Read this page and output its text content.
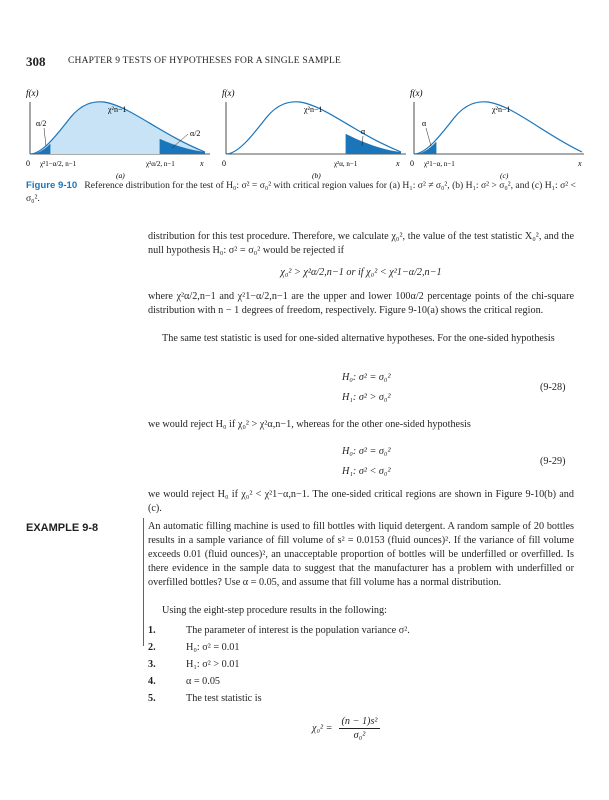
308 CHAPTER 9 TESTS OF HYPOTHESES FOR A SINGLE SAMPLE
f(x)
χ²n−1
α/2
α/2
0 χ²1−α/2, n−1	χ²α/2, n−1	x
(a)
f(x)
χ²n−1
α
0	χ²α, n−1	x
(b)
f(x)
χ²n−1
α
0 χ²1−α, n−1	x
(c)
Figure 9-10 Reference distribution for the test of H₀: σ² = σ₀² with critical region values for (a) H₁: σ² ≠ σ₀², (b) H₁: σ² > σ₀², and (c) H₁: σ² < σ₀².
distribution for this test procedure. Therefore, we calculate χ₀², the value of the test statistic X₀², and the null hypothesis H₀: σ² = σ₀² would be rejected if
χ₀² > χ²α/2,n−1 or if χ₀² < χ²1−α/2,n−1
where χ²α/2,n−1 and χ²1−α/2,n−1 are the upper and lower 100α/2 percentage points of the chi-square distribution with n − 1 degrees of freedom, respectively. Figure 9-10(a) shows the critical region.
The same test statistic is used for one-sided alternative hypotheses. For the one-sided hypothesis
H₀: σ² = σ₀²
H₁: σ² > σ₀²
(9-28)
we would reject H₀ if χ₀² > χ²α,n−1, whereas for the other one-sided hypothesis
H₀: σ² = σ₀²
H₁: σ² < σ₀²
(9-29)
we would reject H₀ if χ₀² < χ²1−α,n−1. The one-sided critical regions are shown in Figure 9-10(b) and (c).
EXAMPLE 9-8	An automatic filling machine is used to fill bottles with liquid detergent. A random sample of 20 bottles results in a sample variance of fill volume of s² = 0.0153 (fluid ounces)². If the variance of fill volume exceeds 0.01 (fluid ounces)², an unacceptable proportion of bottles will be underfilled or overfilled. Is there evidence in the sample data to suggest that the manufacturer has a problem with underfilled or overfilled bottles? Use α = 0.05, and assume that fill volume has a normal distribution.
Using the eight-step procedure results in the following:
1.	The parameter of interest is the population variance σ².
2.	H₀: σ² = 0.01
3.	H₁: σ² > 0.01
4.	α = 0.05
5.	The test statistic is
χ₀² =
(n − 1)s²
σ₀²
